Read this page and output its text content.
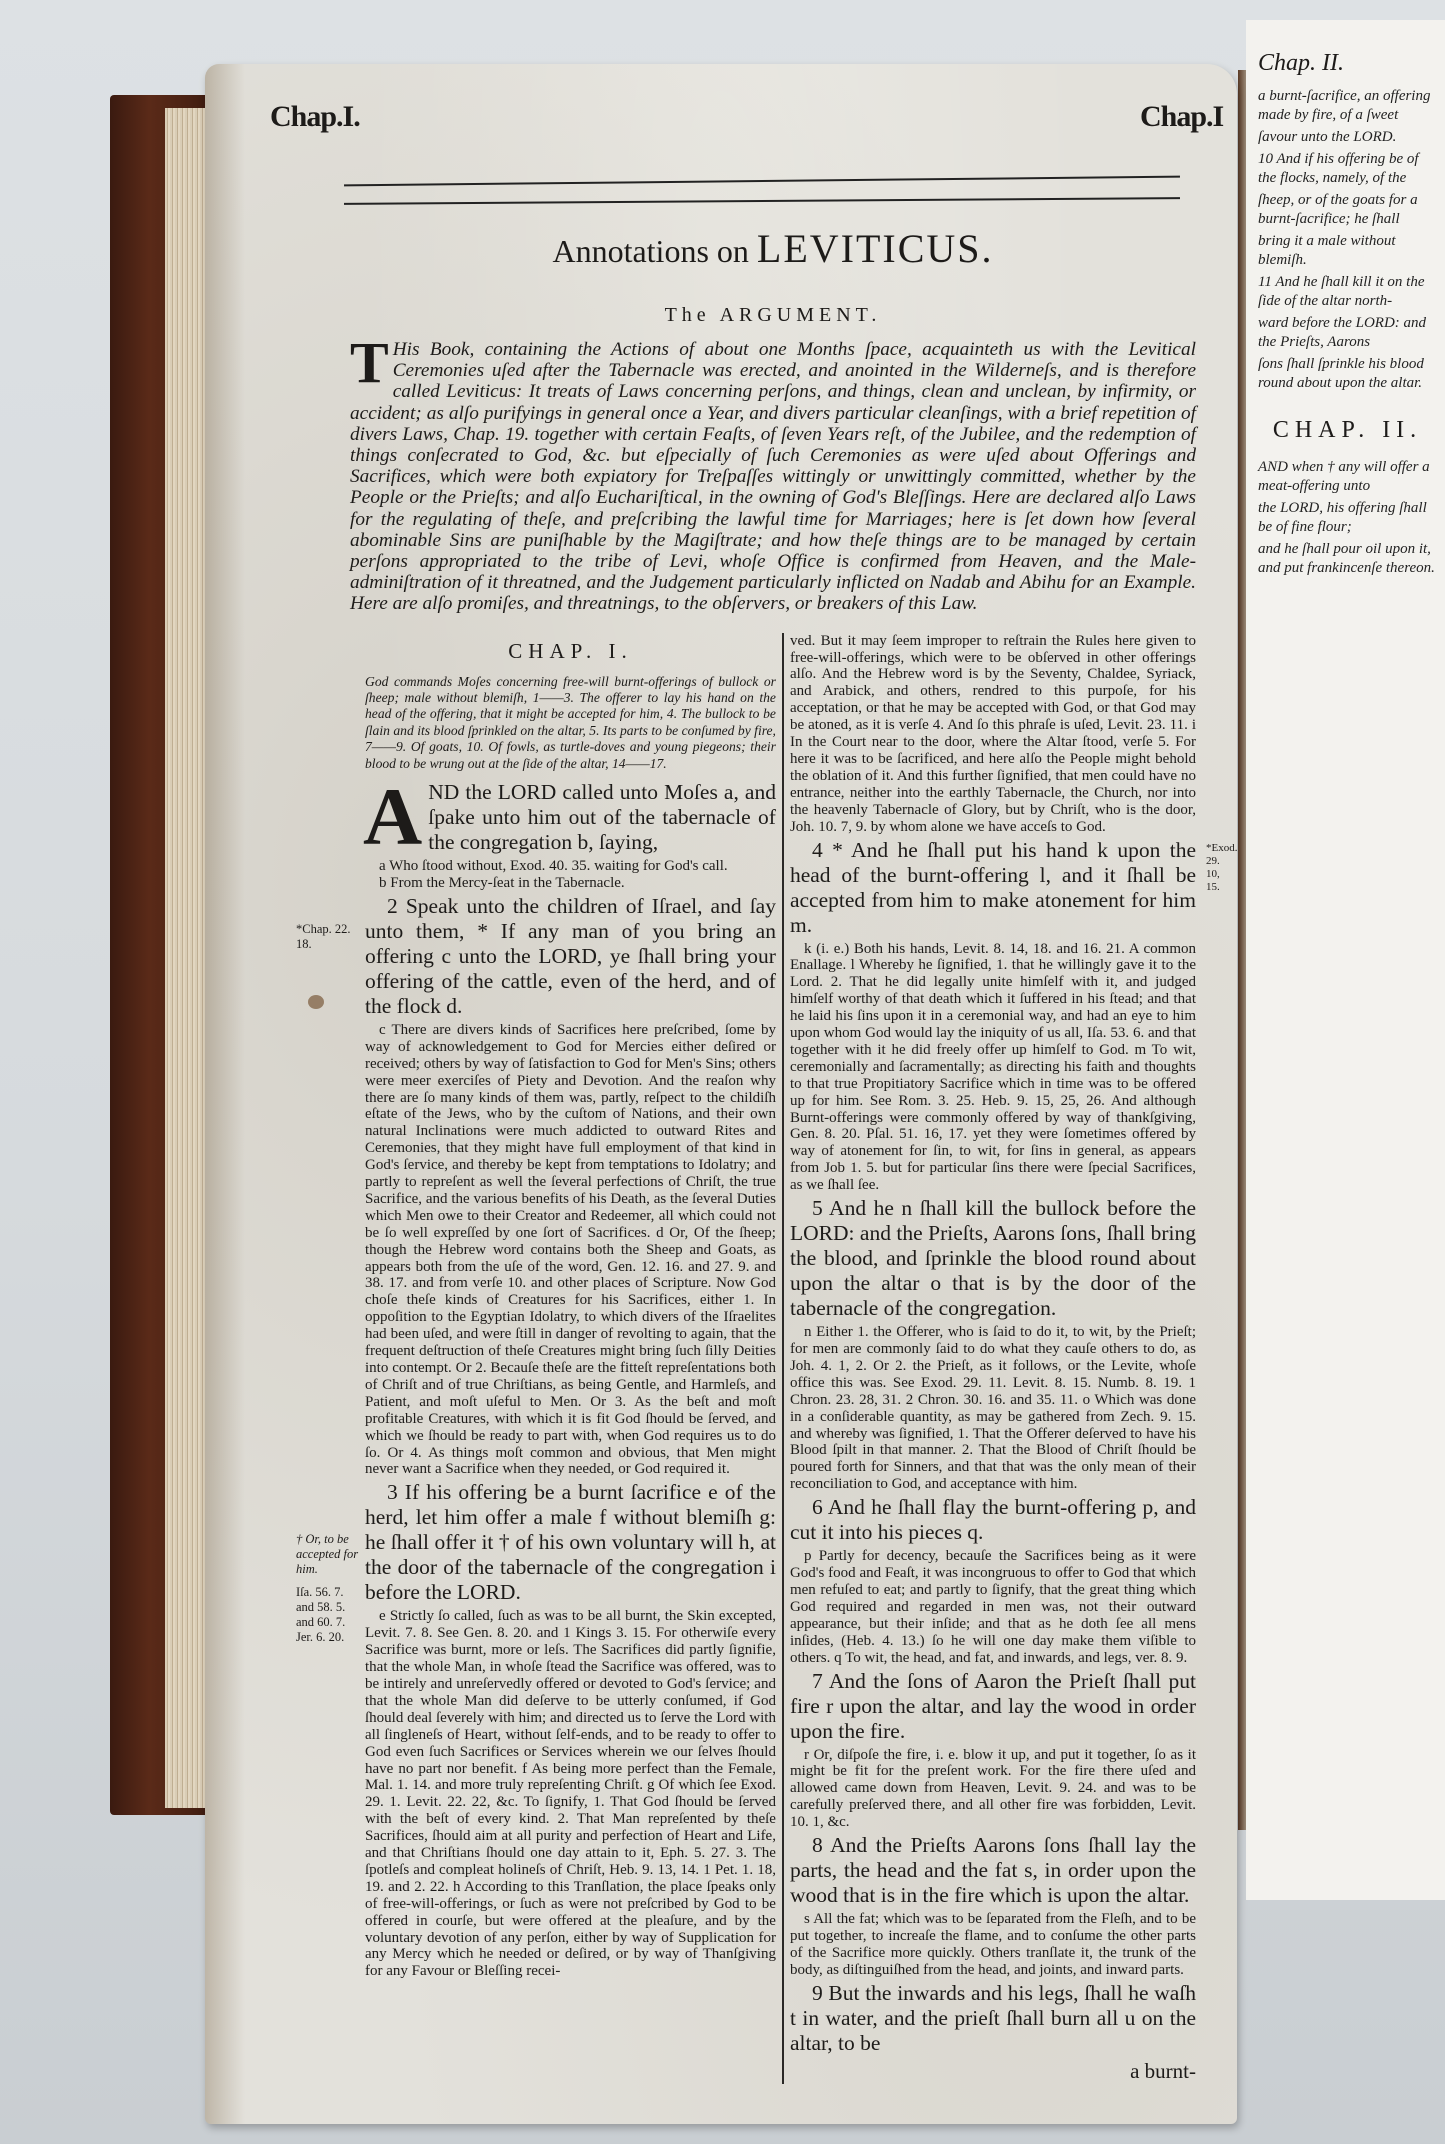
Chap. II.
a burnt-ſacrifice, an offering made by fire, of a ſweet
ſavour unto the LORD.
10 And if his offering be of the flocks, namely, of the
ſheep, or of the goats for a burnt-ſacrifice; he ſhall
bring it a male without blemiſh.
11 And he ſhall kill it on the ſide of the altar north-
ward before the LORD: and the Prieſts, Aarons
ſons ſhall ſprinkle his blood round about upon the altar.
CHAP. II.
AND when † any will offer a meat-offering unto
the LORD, his offering ſhall be of fine flour;
and he ſhall pour oil upon it, and put frankincenſe thereon.
Chap.I.	Chap.I
Annotations on LEVITICUS.
The ARGUMENT.
T His Book, containing the Actions of about one Months ſpace, acquainteth us with the Levitical Ceremonies uſed after the Tabernacle was erected, and anointed in the Wilderneſs, and is therefore called Leviticus: It treats of Laws concerning perſons, and things, clean and unclean, by infirmity, or accident; as alſo purifyings in general once a Year, and divers particular cleanſings, with a brief repetition of divers Laws, Chap. 19. together with certain Feaſts, of ſeven Years reſt, of the Jubilee, and the redemption of things conſecrated to God, &c. but eſpecially of ſuch Ceremonies as were uſed about Offerings and Sacrifices, which were both expiatory for Treſpaſſes wittingly or unwittingly committed, whether by the People or the Prieſts; and alſo Euchariſtical, in the owning of God's Bleſſings. Here are declared alſo Laws for the regulating of theſe, and preſcribing the lawful time for Marriages; here is ſet down how ſeveral abominable Sins are puniſhable by the Magiſtrate; and how theſe things are to be managed by certain perſons appropriated to the tribe of Levi, whoſe Office is confirmed from Heaven, and the Male-adminiſtration of it threatned, and the Judgement particularly inflicted on Nadab and Abihu for an Example. Here are alſo promiſes, and threatnings, to the obſervers, or breakers of this Law.
CHAP. I.
God commands Moſes concerning free-will burnt-offerings of bullock or ſheep; male without blemiſh, 1——3. The offerer to lay his hand on the head of the offering, that it might be accepted for him, 4. The bullock to be ſlain and its blood ſprinkled on the altar, 5. Its parts to be conſumed by fire, 7——9. Of goats, 10. Of fowls, as turtle-doves and young piegeons; their blood to be wrung out at the ſide of the altar, 14——17.
AND the LORD called unto Moſes a, and ſpake unto him out of the tabernacle of the congregation b, ſaying,
a Who ſtood without, Exod. 40. 35. waiting for God's call.
b From the Mercy-ſeat in the Tabernacle.
2 Speak unto the children of Iſrael, and ſay unto them, * If any man of you bring an offering c unto the LORD, ye ſhall bring your offering of the cattle, even of the herd, and of the flock d.
c There are divers kinds of Sacrifices here preſcribed, ſome by way of acknowledgement to God for Mercies either deſired or received; others by way of ſatisfaction to God for Men's Sins; others were meer exerciſes of Piety and Devotion. And the reaſon why there are ſo many kinds of them was, partly, reſpect to the childiſh eſtate of the Jews, who by the cuſtom of Nations, and their own natural Inclinations were much addicted to outward Rites and Ceremonies, that they might have full employment of that kind in God's ſervice, and thereby be kept from temptations to Idolatry; and partly to repreſent as well the ſeveral perfections of Chriſt, the true Sacrifice, and the various benefits of his Death, as the ſeveral Duties which Men owe to their Creator and Redeemer, all which could not be ſo well expreſſed by one ſort of Sacrifices. d Or, Of the ſheep; though the Hebrew word contains both the Sheep and Goats, as appears both from the uſe of the word, Gen. 12. 16. and 27. 9. and 38. 17. and from verſe 10. and other places of Scripture. Now God choſe theſe kinds of Creatures for his Sacrifices, either 1. In oppoſition to the Egyptian Idolatry, to which divers of the Iſraelites had been uſed, and were ſtill in danger of revolting to again, that the frequent deſtruction of theſe Creatures might bring ſuch ſilly Deities into contempt. Or 2. Becauſe theſe are the fitteſt repreſentations both of Chriſt and of true Chriſtians, as being Gentle, and Harmleſs, and Patient, and moſt uſeful to Men. Or 3. As the beſt and moſt profitable Creatures, with which it is fit God ſhould be ſerved, and which we ſhould be ready to part with, when God requires us to do ſo. Or 4. As things moſt common and obvious, that Men might never want a Sacrifice when they needed, or God required it.
3 If his offering be a burnt ſacrifice e of the herd, let him offer a male f without blemiſh g: he ſhall offer it † of his own voluntary will h, at the door of the tabernacle of the congregation i before the LORD.
e Strictly ſo called, ſuch as was to be all burnt, the Skin excepted, Levit. 7. 8. See Gen. 8. 20. and 1 Kings 3. 15. For otherwiſe every Sacrifice was burnt, more or leſs. The Sacrifices did partly ſignifie, that the whole Man, in whoſe ſtead the Sacrifice was offered, was to be intirely and unreſervedly offered or devoted to God's ſervice; and that the whole Man did deſerve to be utterly conſumed, if God ſhould deal ſeverely with him; and directed us to ſerve the Lord with all ſingleneſs of Heart, without ſelf-ends, and to be ready to offer to God even ſuch Sacrifices or Services wherein we our ſelves ſhould have no part nor benefit. f As being more perfect than the Female, Mal. 1. 14. and more truly repreſenting Chriſt. g Of which ſee Exod. 29. 1. Levit. 22. 22, &c. To ſignify, 1. That God ſhould be ſerved with the beſt of every kind. 2. That Man repreſented by theſe Sacrifices, ſhould aim at all purity and perfection of Heart and Life, and that Chriſtians ſhould one day attain to it, Eph. 5. 27. 3. The ſpotleſs and compleat holineſs of Chriſt, Heb. 9. 13, 14. 1 Pet. 1. 18, 19. and 2. 22. h According to this Tranſlation, the place ſpeaks only of free-will-offerings, or ſuch as were not preſcribed by God to be offered in courſe, but were offered at the pleaſure, and by the voluntary devotion of any perſon, either by way of Supplication for any Mercy which he needed or deſired, or by way of Thanſgiving for any Favour or Bleſſing recei-
ved. But it may ſeem improper to reſtrain the Rules here given to free-will-offerings, which were to be obſerved in other offerings alſo. And the Hebrew word is by the Seventy, Chaldee, Syriack, and Arabick, and others, rendred to this purpoſe, for his acceptation, or that he may be accepted with God, or that God may be atoned, as it is verſe 4. And ſo this phraſe is uſed, Levit. 23. 11. i In the Court near to the door, where the Altar ſtood, verſe 5. For here it was to be ſacrificed, and here alſo the People might behold the oblation of it. And this further ſignified, that men could have no entrance, neither into the earthly Tabernacle, the Church, nor into the heavenly Tabernacle of Glory, but by Chriſt, who is the door, Joh. 10. 7, 9. by whom alone we have acceſs to God.
4 * And he ſhall put his hand k upon the head of the burnt-offering l, and it ſhall be accepted from him to make atonement for him m.
k (i. e.) Both his hands, Levit. 8. 14, 18. and 16. 21. A common Enallage. l Whereby he ſignified, 1. that he willingly gave it to the Lord. 2. That he did legally unite himſelf with it, and judged himſelf worthy of that death which it ſuffered in his ſtead; and that he laid his ſins upon it in a ceremonial way, and had an eye to him upon whom God would lay the iniquity of us all, Iſa. 53. 6. and that together with it he did freely offer up himſelf to God. m To wit, ceremonially and ſacramentally; as directing his faith and thoughts to that true Propitiatory Sacrifice which in time was to be offered up for him. See Rom. 3. 25. Heb. 9. 15, 25, 26. And although Burnt-offerings were commonly offered by way of thankſgiving, Gen. 8. 20. Pſal. 51. 16, 17. yet they were ſometimes offered by way of atonement for ſin, to wit, for ſins in general, as appears from Job 1. 5. but for particular ſins there were ſpecial Sacrifices, as we ſhall ſee.
5 And he n ſhall kill the bullock before the LORD: and the Prieſts, Aarons ſons, ſhall bring the blood, and ſprinkle the blood round about upon the altar o that is by the door of the tabernacle of the congregation.
n Either 1. the Offerer, who is ſaid to do it, to wit, by the Prieſt; for men are commonly ſaid to do what they cauſe others to do, as Joh. 4. 1, 2. Or 2. the Prieſt, as it follows, or the Levite, whoſe office this was. See Exod. 29. 11. Levit. 8. 15. Numb. 8. 19. 1 Chron. 23. 28, 31. 2 Chron. 30. 16. and 35. 11. o Which was done in a conſiderable quantity, as may be gathered from Zech. 9. 15. and whereby was ſignified, 1. That the Offerer deſerved to have his Blood ſpilt in that manner. 2. That the Blood of Chriſt ſhould be poured forth for Sinners, and that that was the only mean of their reconciliation to God, and acceptance with him.
6 And he ſhall flay the burnt-offering p, and cut it into his pieces q.
p Partly for decency, becauſe the Sacrifices being as it were God's food and Feaſt, it was incongruous to offer to God that which men refuſed to eat; and partly to ſignify, that the great thing which God required and regarded in men was, not their outward appearance, but their inſide; and that as he doth ſee all mens inſides, (Heb. 4. 13.) ſo he will one day make them viſible to others. q To wit, the head, and fat, and inwards, and legs, ver. 8. 9.
7 And the ſons of Aaron the Prieſt ſhall put fire r upon the altar, and lay the wood in order upon the fire.
r Or, diſpoſe the fire, i. e. blow it up, and put it together, ſo as it might be fit for the preſent work. For the fire there uſed and allowed came down from Heaven, Levit. 9. 24. and was to be carefully preſerved there, and all other fire was forbidden, Levit. 10. 1, &c.
8 And the Prieſts Aarons ſons ſhall lay the parts, the head and the fat s, in order upon the wood that is in the fire which is upon the altar.
s All the fat; which was to be ſeparated from the Fleſh, and to be put together, to increaſe the flame, and to conſume the other parts of the Sacrifice more quickly. Others tranſlate it, the trunk of the body, as diſtinguiſhed from the head, and joints, and inward parts.
9 But the inwards and his legs, ſhall he waſh t in water, and the prieſt ſhall burn all u on the altar, to be
a burnt-
*Chap. 22. 18.
† Or, to be accepted for him.
Iſa. 56. 7. and 58. 5. and 60. 7. Jer. 6. 20.
*Exod. 29. 10, 15.
